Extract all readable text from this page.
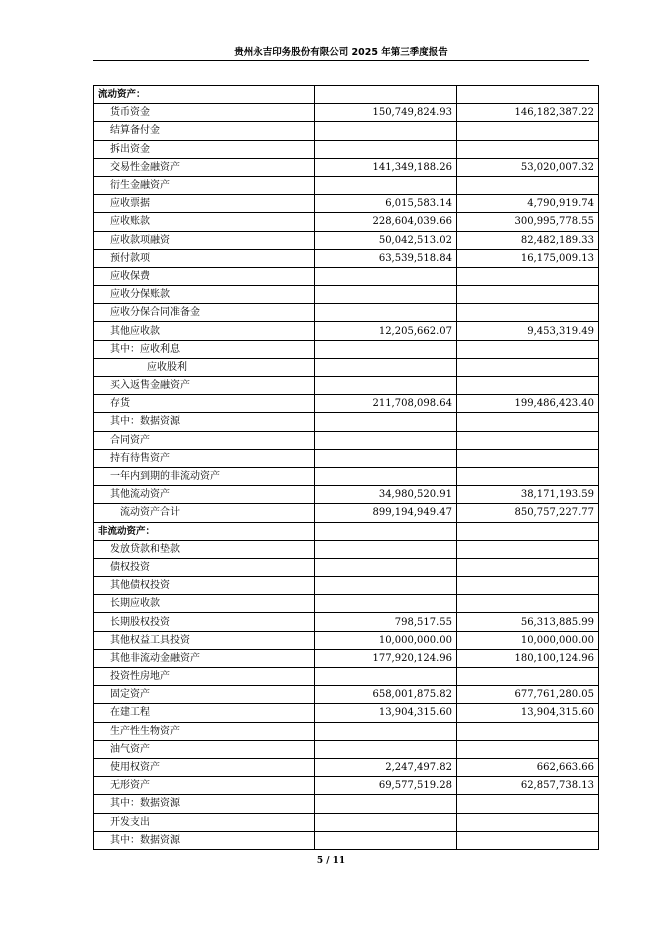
贵州永吉印务股份有限公司 2025 年第三季度报告
流动资产：		
货币资金	150,749,824.93	146,182,387.22
结算备付金		
拆出资金		
交易性金融资产	141,349,188.26	53,020,007.32
衍生金融资产		
应收票据	6,015,583.14	4,790,919.74
应收账款	228,604,039.66	300,995,778.55
应收款项融资	50,042,513.02	82,482,189.33
预付款项	63,539,518.84	16,175,009.13
应收保费		
应收分保账款		
应收分保合同准备金		
其他应收款	12,205,662.07	9,453,319.49
其中：应收利息		
应收股利		
买入返售金融资产		
存货	211,708,098.64	199,486,423.40
其中：数据资源		
合同资产		
持有待售资产		
一年内到期的非流动资产		
其他流动资产	34,980,520.91	38,171,193.59
流动资产合计	899,194,949.47	850,757,227.77
非流动资产：		
发放贷款和垫款		
债权投资		
其他债权投资		
长期应收款		
长期股权投资	798,517.55	56,313,885.99
其他权益工具投资	10,000,000.00	10,000,000.00
其他非流动金融资产	177,920,124.96	180,100,124.96
投资性房地产		
固定资产	658,001,875.82	677,761,280.05
在建工程	13,904,315.60	13,904,315.60
生产性生物资产		
油气资产		
使用权资产	2,247,497.82	662,663.66
无形资产	69,577,519.28	62,857,738.13
其中：数据资源		
开发支出		
其中：数据资源		
5 / 11
